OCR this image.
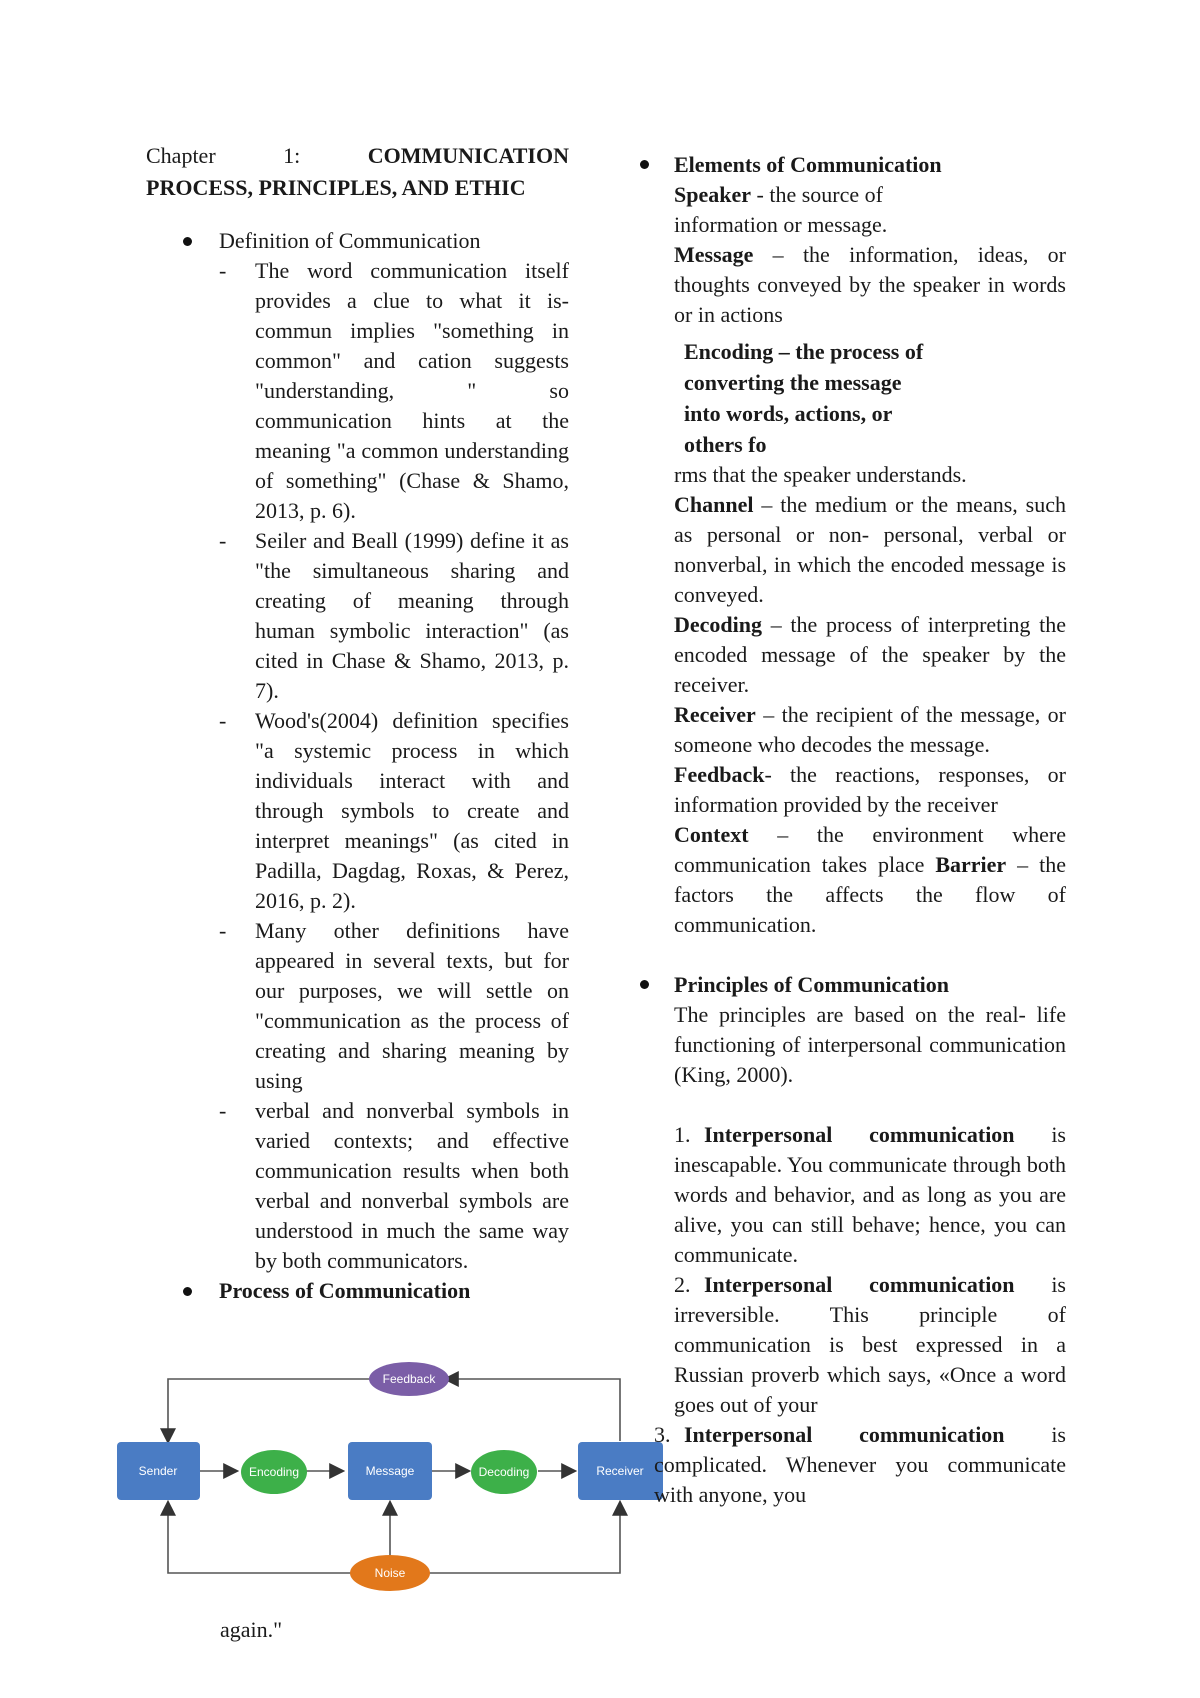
Chapter	1:	COMMUNICATION
PROCESS, PRINCIPLES, AND ETHIC
Definition of Communication
- The word communication itself provides a clue to what it is- commun implies "something in common" and cation suggests "understanding, " so communication hints at the meaning "a common understanding of something" (Chase & Shamo, 2013, p. 6).
- Seiler and Beall (1999) define it as "the simultaneous sharing and creating of meaning through human symbolic interaction" (as cited in Chase & Shamo, 2013, p. 7).
- Wood's(2004) definition specifies "a systemic process in which individuals interact with and through symbols to create and interpret meanings" (as cited in Padilla, Dagdag, Roxas, & Perez, 2016, p. 2).
- Many other definitions have appeared in several texts, but for our purposes, we will settle on "communication as the process of creating and sharing meaning by using
- verbal and nonverbal symbols in varied contexts; and effective communication results when both verbal and nonverbal symbols are understood in much the same way by both communicators.
Process of Communication
Feedback
Sender	Encoding	Message	Decoding	Receiver
Noise
again."
Elements of Communication
Speaker - the source of information or message.
Message – the information, ideas, or thoughts conveyed by the speaker in words or in actions
Encoding – the process of converting the message into words, actions, or others fo
rms that the speaker understands.
Channel – the medium or the means, such as personal or non- personal, verbal or nonverbal, in which the encoded message is conveyed.
Decoding – the process of interpreting the encoded message of the speaker by the receiver.
Receiver – the recipient of the message, or someone who decodes the message.
Feedback- the reactions, responses, or information provided by the receiver
Context – the environment where communication takes place Barrier – the factors the affects the flow of communication.
Principles of Communication
The principles are based on the real- life functioning of interpersonal communication (King, 2000).
1. Interpersonal communication is inescapable. You communicate through both words and behavior, and as long as you are alive, you can still behave; hence, you can communicate.
2. Interpersonal communication is irreversible. This principle of communication is best expressed in a Russian proverb which says, «Once a word goes out of your
3. Interpersonal communication is complicated. Whenever you communicate with anyone, you
